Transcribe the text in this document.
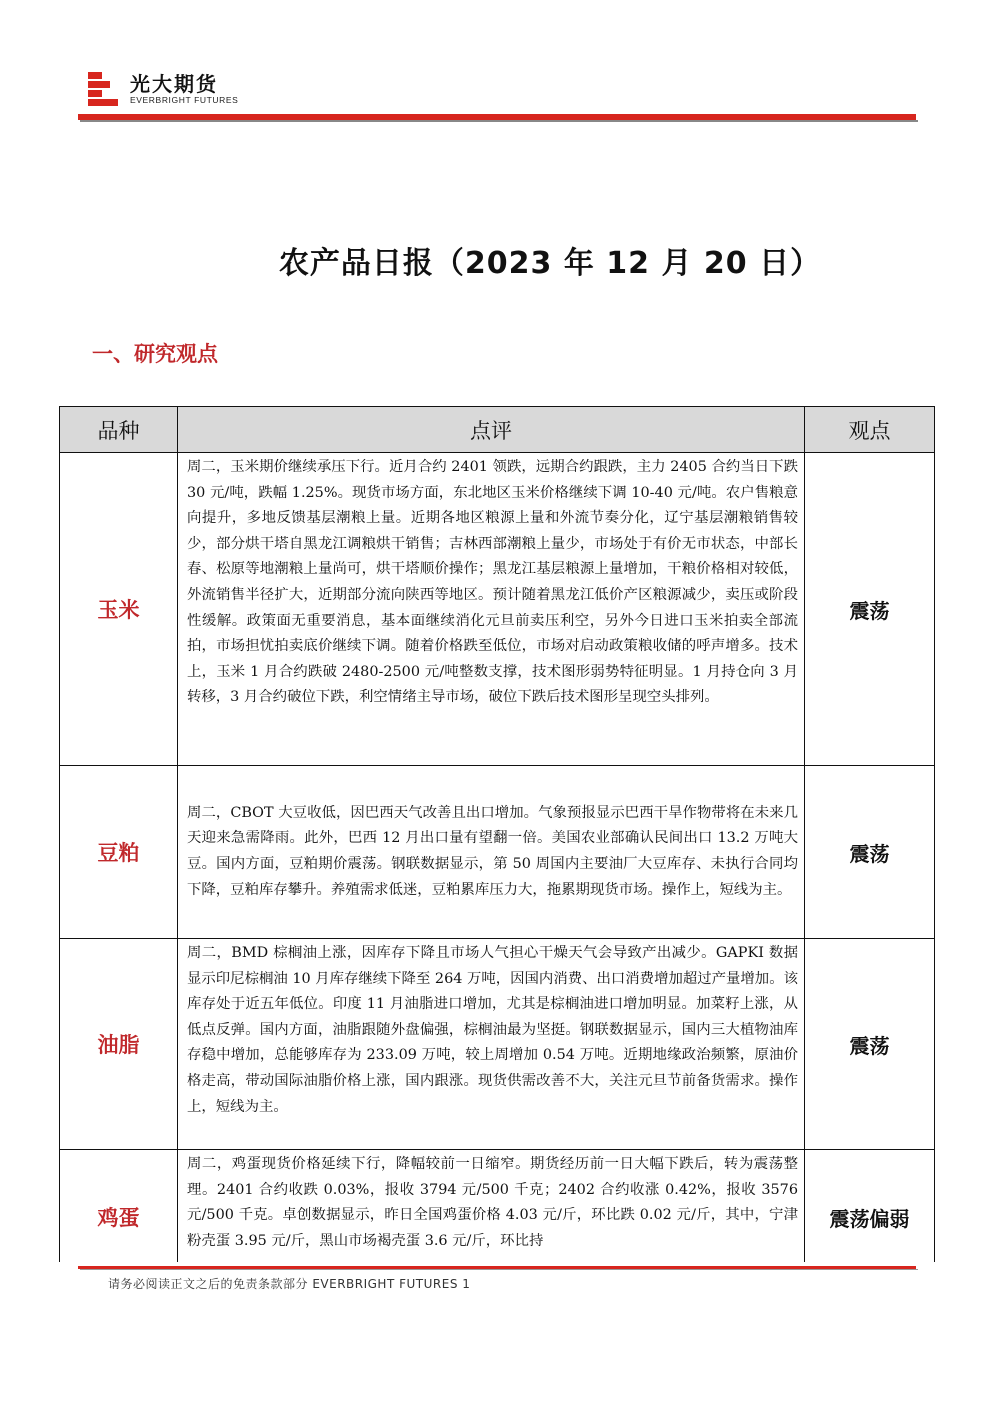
光大期货
EVERBRIGHT FUTURES
农产品日报（2023 年 12 月 20 日）
一、研究观点
品种	点评	观点
玉米	周二，玉米期价继续承压下行。近月合约 2401 领跌，远期合约跟跌，主力 2405 合约当日下跌 30 元/吨，跌幅 1.25%。现货市场方面，东北地区玉米价格继续下调 10-40 元/吨。农户售粮意向提升，多地反馈基层潮粮上量。近期各地区粮源上量和外流节奏分化，辽宁基层潮粮销售较少，部分烘干塔自黑龙江调粮烘干销售；吉林西部潮粮上量少，市场处于有价无市状态，中部长春、松原等地潮粮上量尚可，烘干塔顺价操作；黑龙江基层粮源上量增加，干粮价格相对较低，外流销售半径扩大，近期部分流向陕西等地区。预计随着黑龙江低价产区粮源减少，卖压或阶段性缓解。政策面无重要消息，基本面继续消化元旦前卖压利空，另外今日进口玉米拍卖全部流拍，市场担忧拍卖底价继续下调。随着价格跌至低位，市场对启动政策粮收储的呼声增多。技术上，玉米 1 月合约跌破 2480-2500 元/吨整数支撑，技术图形弱势特征明显。1 月持仓向 3 月转移，3 月合约破位下跌，利空情绪主导市场，破位下跌后技术图形呈现空头排列。	震荡
豆粕	周二，CBOT 大豆收低，因巴西天气改善且出口增加。气象预报显示巴西干旱作物带将在未来几天迎来急需降雨。此外，巴西 12 月出口量有望翻一倍。美国农业部确认民间出口 13.2 万吨大豆。国内方面，豆粕期价震荡。钢联数据显示，第 50 周国内主要油厂大豆库存、未执行合同均下降，豆粕库存攀升。养殖需求低迷，豆粕累库压力大，拖累期现货市场。操作上，短线为主。	震荡
油脂	周二，BMD 棕榈油上涨，因库存下降且市场人气担心干燥天气会导致产出减少。GAPKI 数据显示印尼棕榈油 10 月库存继续下降至 264 万吨，因国内消费、出口消费增加超过产量增加。该库存处于近五年低位。印度 11 月油脂进口增加，尤其是棕榈油进口增加明显。加菜籽上涨，从低点反弹。国内方面，油脂跟随外盘偏强，棕榈油最为坚挺。钢联数据显示，国内三大植物油库存稳中增加，总能够库存为 233.09 万吨，较上周增加 0.54 万吨。近期地缘政治频繁，原油价格走高，带动国际油脂价格上涨，国内跟涨。现货供需改善不大，关注元旦节前备货需求。操作上，短线为主。	震荡
鸡蛋	周二，鸡蛋现货价格延续下行，降幅较前一日缩窄。期货经历前一日大幅下跌后，转为震荡整理。2401 合约收跌 0.03%，报收 3794 元/500 千克；2402 合约收涨 0.42%，报收 3576 元/500 千克。卓创数据显示，昨日全国鸡蛋价格 4.03 元/斤，环比跌 0.02 元/斤，其中，宁津粉壳蛋 3.95 元/斤，黑山市场褐壳蛋 3.6 元/斤，环比持	震荡偏弱
请务必阅读正文之后的免责条款部分 EVERBRIGHT FUTURES 1
